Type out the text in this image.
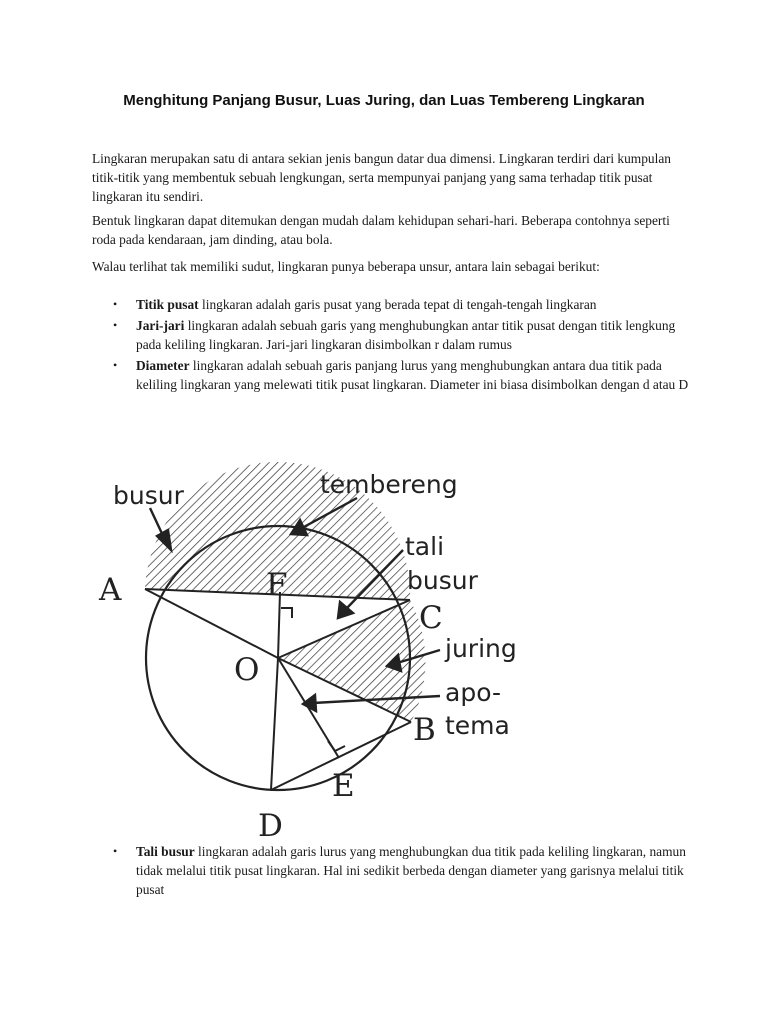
Menghitung Panjang Busur, Luas Juring, dan Luas Tembereng Lingkaran

Lingkaran merupakan satu di antara sekian jenis bangun datar dua dimensi. Lingkaran terdiri dari kumpulan titik-titik yang membentuk sebuah lengkungan, serta mempunyai panjang yang sama terhadap titik pusat lingkaran itu sendiri.

Bentuk lingkaran dapat ditemukan dengan mudah dalam kehidupan sehari-hari. Beberapa contohnya seperti roda pada kendaraan, jam dinding, atau bola.

Walau terlihat tak memiliki sudut, lingkaran punya beberapa unsur, antara lain sebagai berikut:

• Titik pusat lingkaran adalah garis pusat yang berada tepat di tengah-tengah lingkaran
• Jari-jari lingkaran adalah sebuah garis yang menghubungkan antar titik pusat dengan titik lengkung pada keliling lingkaran. Jari-jari lingkaran disimbolkan r dalam rumus
• Diameter lingkaran adalah sebuah garis panjang lurus yang menghubungkan antara dua titik pada keliling lingkaran yang melewati titik pusat lingkaran. Diameter ini biasa disimbolkan dengan d atau D
busur	tembereng
tali
busur
juring
apo-
tema
A	F
C
O
B
E
D
• Tali busur lingkaran adalah garis lurus yang menghubungkan dua titik pada keliling lingkaran, namun tidak melalui titik pusat lingkaran. Hal ini sedikit berbeda dengan diameter yang garisnya melalui titik pusat
